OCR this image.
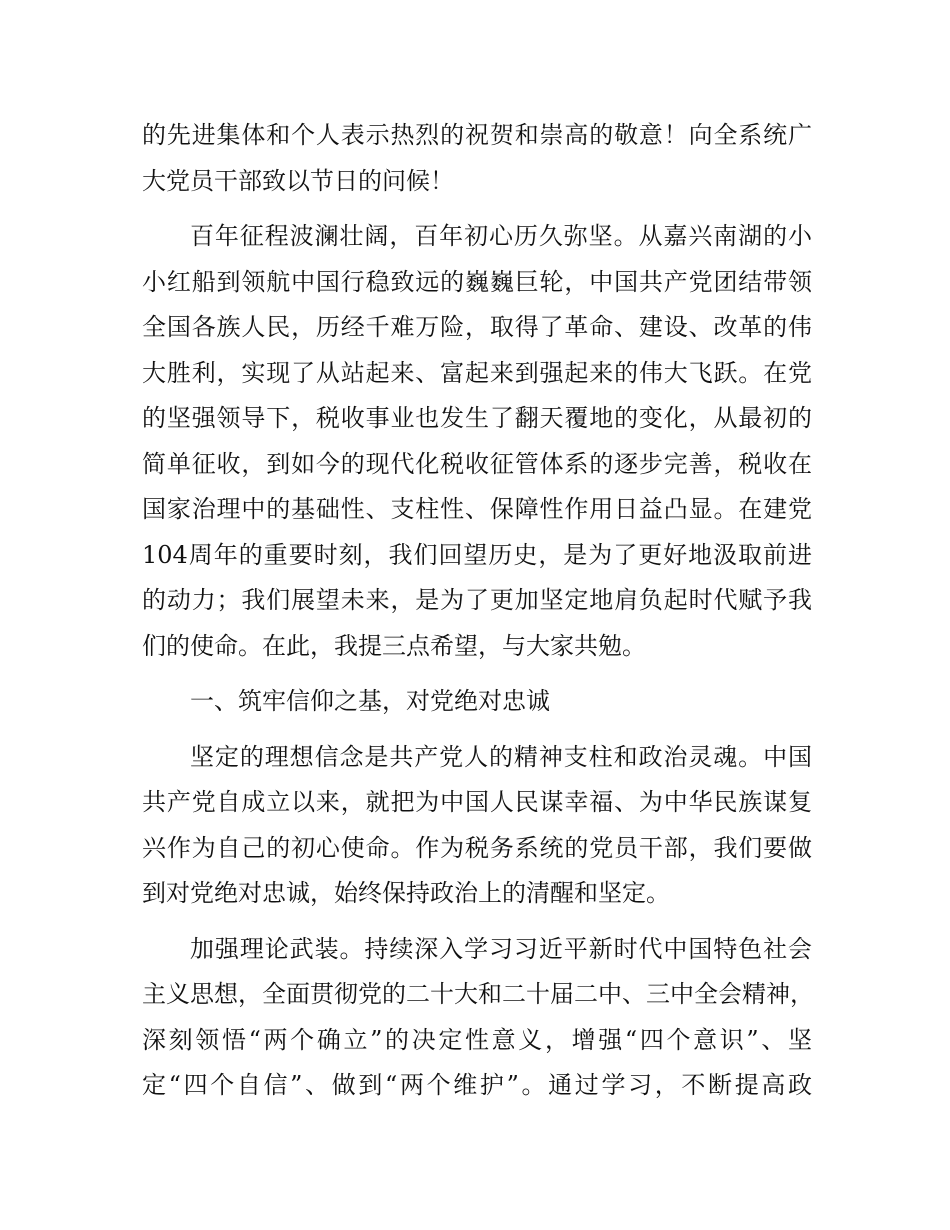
的先进集体和个人表示热烈的祝贺和崇高的敬意！向全系统广
大党员干部致以节日的问候！
百年征程波澜壮阔，百年初心历久弥坚。从嘉兴南湖的小
小红船到领航中国行稳致远的巍巍巨轮，中国共产党团结带领
全国各族人民，历经千难万险，取得了革命、建设、改革的伟
大胜利，实现了从站起来、富起来到强起来的伟大飞跃。在党
的坚强领导下，税收事业也发生了翻天覆地的变化，从最初的
简单征收，到如今的现代化税收征管体系的逐步完善，税收在
国家治理中的基础性、支柱性、保障性作用日益凸显。在建党
104周年的重要时刻，我们回望历史，是为了更好地汲取前进
的动力；我们展望未来，是为了更加坚定地肩负起时代赋予我
们的使命。在此，我提三点希望，与大家共勉。
一、筑牢信仰之基，对党绝对忠诚
坚定的理想信念是共产党人的精神支柱和政治灵魂。中国
共产党自成立以来，就把为中国人民谋幸福、为中华民族谋复
兴作为自己的初心使命。作为税务系统的党员干部，我们要做
到对党绝对忠诚，始终保持政治上的清醒和坚定。
加强理论武装。持续深入学习习近平新时代中国特色社会
主义思想，全面贯彻党的二十大和二十届二中、三中全会精神，
深刻领悟“两个确立”的决定性意义，增强“四个意识”、坚
定“四个自信”、做到“两个维护”。通过学习，不断提高政
